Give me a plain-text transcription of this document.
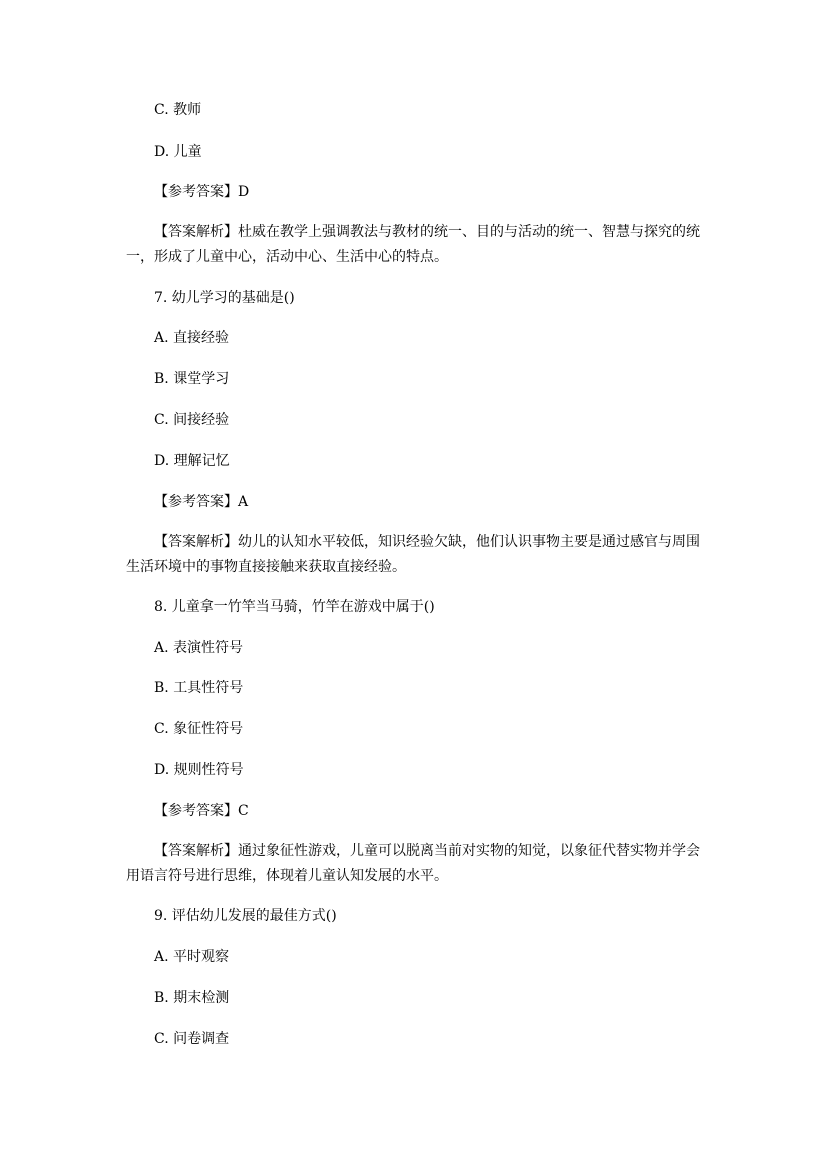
C. 教师
D. 儿童
【参考答案】D
【答案解析】杜威在教学上强调教法与教材的统一、目的与活动的统一、智慧与探究的统一，形成了儿童中心，活动中心、生活中心的特点。
7. 幼儿学习的基础是()
A. 直接经验
B. 课堂学习
C. 间接经验
D. 理解记忆
【参考答案】A
【答案解析】幼儿的认知水平较低，知识经验欠缺，他们认识事物主要是通过感官与周围生活环境中的事物直接接触来获取直接经验。
8. 儿童拿一竹竿当马骑，竹竿在游戏中属于()
A. 表演性符号
B. 工具性符号
C. 象征性符号
D. 规则性符号
【参考答案】C
【答案解析】通过象征性游戏，儿童可以脱离当前对实物的知觉，以象征代替实物并学会用语言符号进行思维，体现着儿童认知发展的水平。
9. 评估幼儿发展的最佳方式()
A. 平时观察
B. 期末检测
C. 问卷调查
